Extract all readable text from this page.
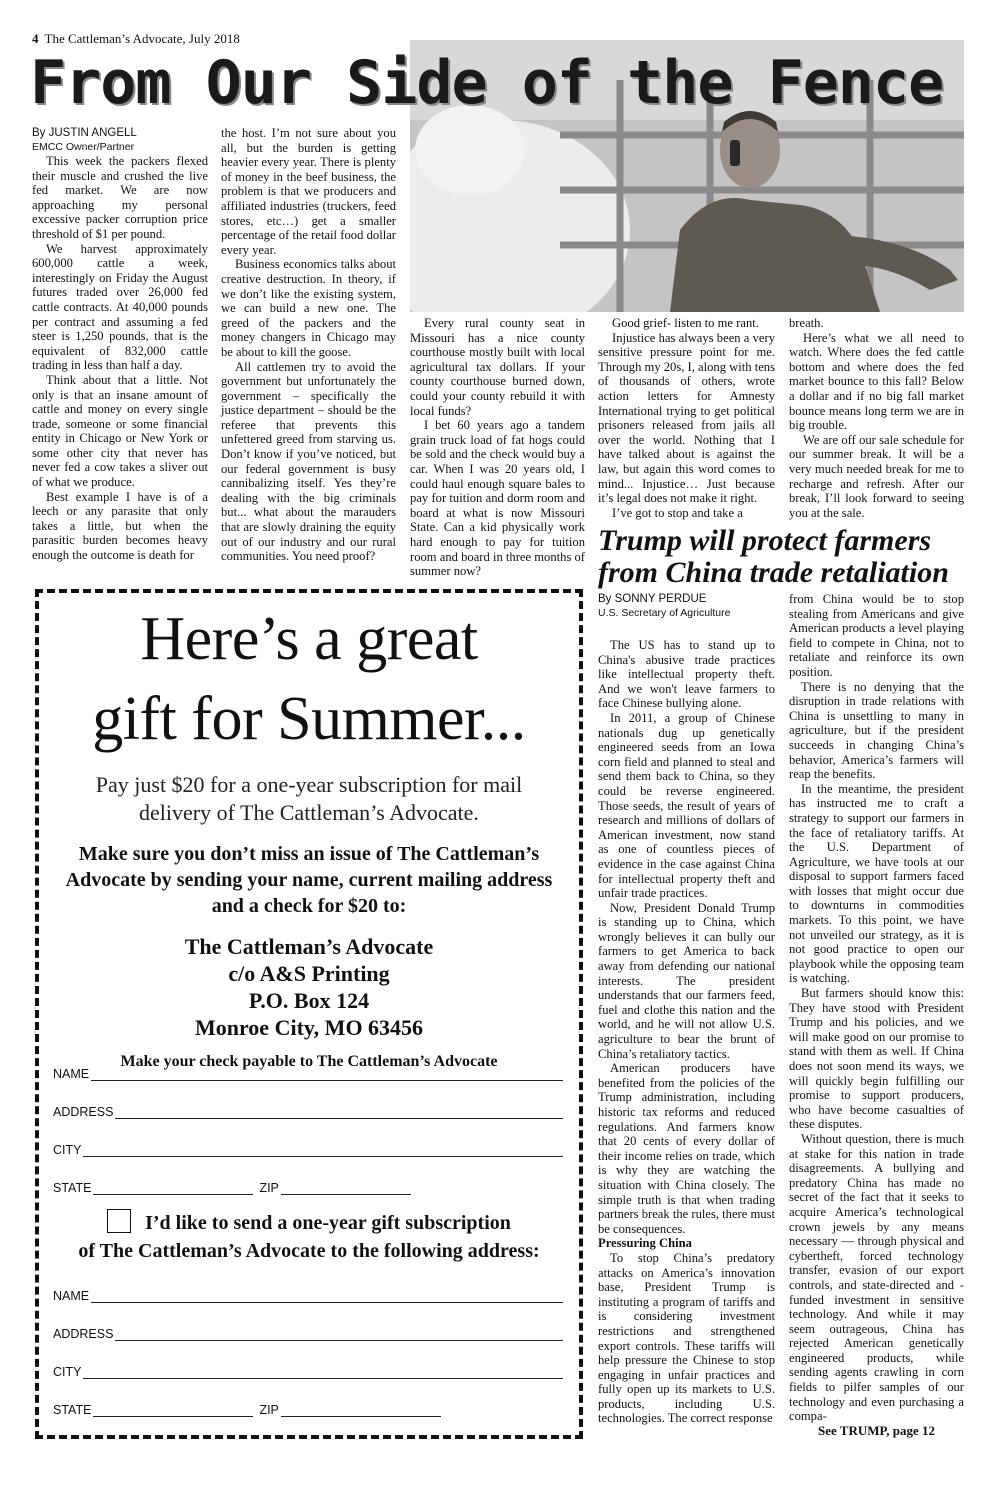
4 The Cattleman’s Advocate, July 2018
From Our Side of the Fence

By JUSTIN ANGELL
EMCC Owner/Partner

This week the packers flexed their muscle and crushed the live fed market. We are now approaching my personal excessive packer corruption price threshold of $1 per pound.

We harvest approximately 600,000 cattle a week, interestingly on Friday the August futures traded over 26,000 fed cattle contracts. At 40,000 pounds per contract and assuming a fed steer is 1,250 pounds, that is the equivalent of 832,000 cattle trading in less than half a day.

Think about that a little. Not only is that an insane amount of cattle and money on every single trade, someone or some financial entity in Chicago or New York or some other city that never has never fed a cow takes a sliver out of what we produce.

Best example I have is of a leech or any parasite that only takes a little, but when the parasitic burden becomes heavy enough the outcome is death for

the host. I’m not sure about you all, but the burden is getting heavier every year. There is plenty of money in the beef business, the problem is that we producers and affiliated industries (truckers, feed stores, etc…) get a smaller percentage of the retail food dollar every year.

Business economics talks about creative destruction. In theory, if we don’t like the existing system, we can build a new one. The greed of the packers and the money changers in Chicago may be about to kill the goose.

All cattlemen try to avoid the government but unfortunately the government – specifically the justice department – should be the referee that prevents this unfettered greed from starving us. Don’t know if you’ve noticed, but our federal government is busy cannibalizing itself. Yes they’re dealing with the big criminals but... what about the marauders that are slowly draining the equity out of our industry and our rural communities. You need proof?

Every rural county seat in Missouri has a nice county courthouse mostly built with local agricultural tax dollars. If your county courthouse burned down, could your county rebuild it with local funds?

I bet 60 years ago a tandem grain truck load of fat hogs could be sold and the check would buy a car. When I was 20 years old, I could haul enough square bales to pay for tuition and dorm room and board at what is now Missouri State. Can a kid physically work hard enough to pay for tuition room and board in three months of summer now?

Good grief- listen to me rant.

Injustice has always been a very sensitive pressure point for me. Through my 20s, I, along with tens of thousands of others, wrote action letters for Amnesty International trying to get political prisoners released from jails all over the world. Nothing that I have talked about is against the law, but again this word comes to mind... Injustice… Just because it’s legal does not make it right.

I’ve got to stop and take a

breath.

Here’s what we all need to watch. Where does the fed cattle bottom and where does the fed market bounce to this fall? Below a dollar and if no big fall market bounce means long term we are in big trouble.

We are off our sale schedule for our summer break. It will be a very much needed break for me to recharge and refresh. After our break, I’ll look forward to seeing you at the sale.

Trump will protect farmers from China trade retaliation
Here’s a great
gift for Summer...
Pay just $20 for a one-year subscription for mail delivery of The Cattleman’s Advocate.
Make sure you don’t miss an issue of The Cattleman’s Advocate by sending your name, current mailing address and a check for $20 to:
The Cattleman’s Advocate
c/o A&S Printing
P.O. Box 124
Monroe City, MO 63456
Make your check payable to The Cattleman’s Advocate
NAME
ADDRESS
CITY
STATE	ZIP
I’d like to send a one-year gift subscription
of The Cattleman’s Advocate to the following address:
NAME
ADDRESS
CITY
STATE	ZIP

By SONNY PERDUE
U.S. Secretary of Agriculture

The US has to stand up to China's abusive trade practices like intellectual property theft. And we won't leave farmers to face Chinese bullying alone.

In 2011, a group of Chinese nationals dug up genetically engineered seeds from an Iowa corn field and planned to steal and send them back to China, so they could be reverse engineered. Those seeds, the result of years of research and millions of dollars of American investment, now stand as one of countless pieces of evidence in the case against China for intellectual property theft and unfair trade practices.

Now, President Donald Trump is standing up to China, which wrongly believes it can bully our farmers to get America to back away from defending our national interests. The president understands that our farmers feed, fuel and clothe this nation and the world, and he will not allow U.S. agriculture to bear the brunt of China’s retaliatory tactics.

American producers have benefited from the policies of the Trump administration, including historic tax reforms and reduced regulations. And farmers know that 20 cents of every dollar of their income relies on trade, which is why they are watching the situation with China closely. The simple truth is that when trading partners break the rules, there must be consequences.

Pressuring China

To stop China’s predatory attacks on America’s innovation base, President Trump is instituting a program of tariffs and is considering investment restrictions and strengthened export controls. These tariffs will help pressure the Chinese to stop engaging in unfair practices and fully open up its markets to U.S. products, including U.S. technologies. The correct response

from China would be to stop stealing from Americans and give American products a level playing field to compete in China, not to retaliate and reinforce its own position.

There is no denying that the disruption in trade relations with China is unsettling to many in agriculture, but if the president succeeds in changing China’s behavior, America’s farmers will reap the benefits.

In the meantime, the president has instructed me to craft a strategy to support our farmers in the face of retaliatory tariffs. At the U.S. Department of Agriculture, we have tools at our disposal to support farmers faced with losses that might occur due to downturns in commodities markets. To this point, we have not unveiled our strategy, as it is not good practice to open our playbook while the opposing team is watching.

But farmers should know this: They have stood with President Trump and his policies, and we will make good on our promise to stand with them as well. If China does not soon mend its ways, we will quickly begin fulfilling our promise to support producers, who have become casualties of these disputes.

Without question, there is much at stake for this nation in trade disagreements. A bullying and predatory China has made no secret of the fact that it seeks to acquire America’s technological crown jewels by any means necessary — through physical and cybertheft, forced technology transfer, evasion of our export controls, and state-directed and -funded investment in sensitive technology. And while it may seem outrageous, China has rejected American genetically engineered products, while sending agents crawling in corn fields to pilfer samples of our technology and even purchasing a compa-

See TRUMP, page 12
